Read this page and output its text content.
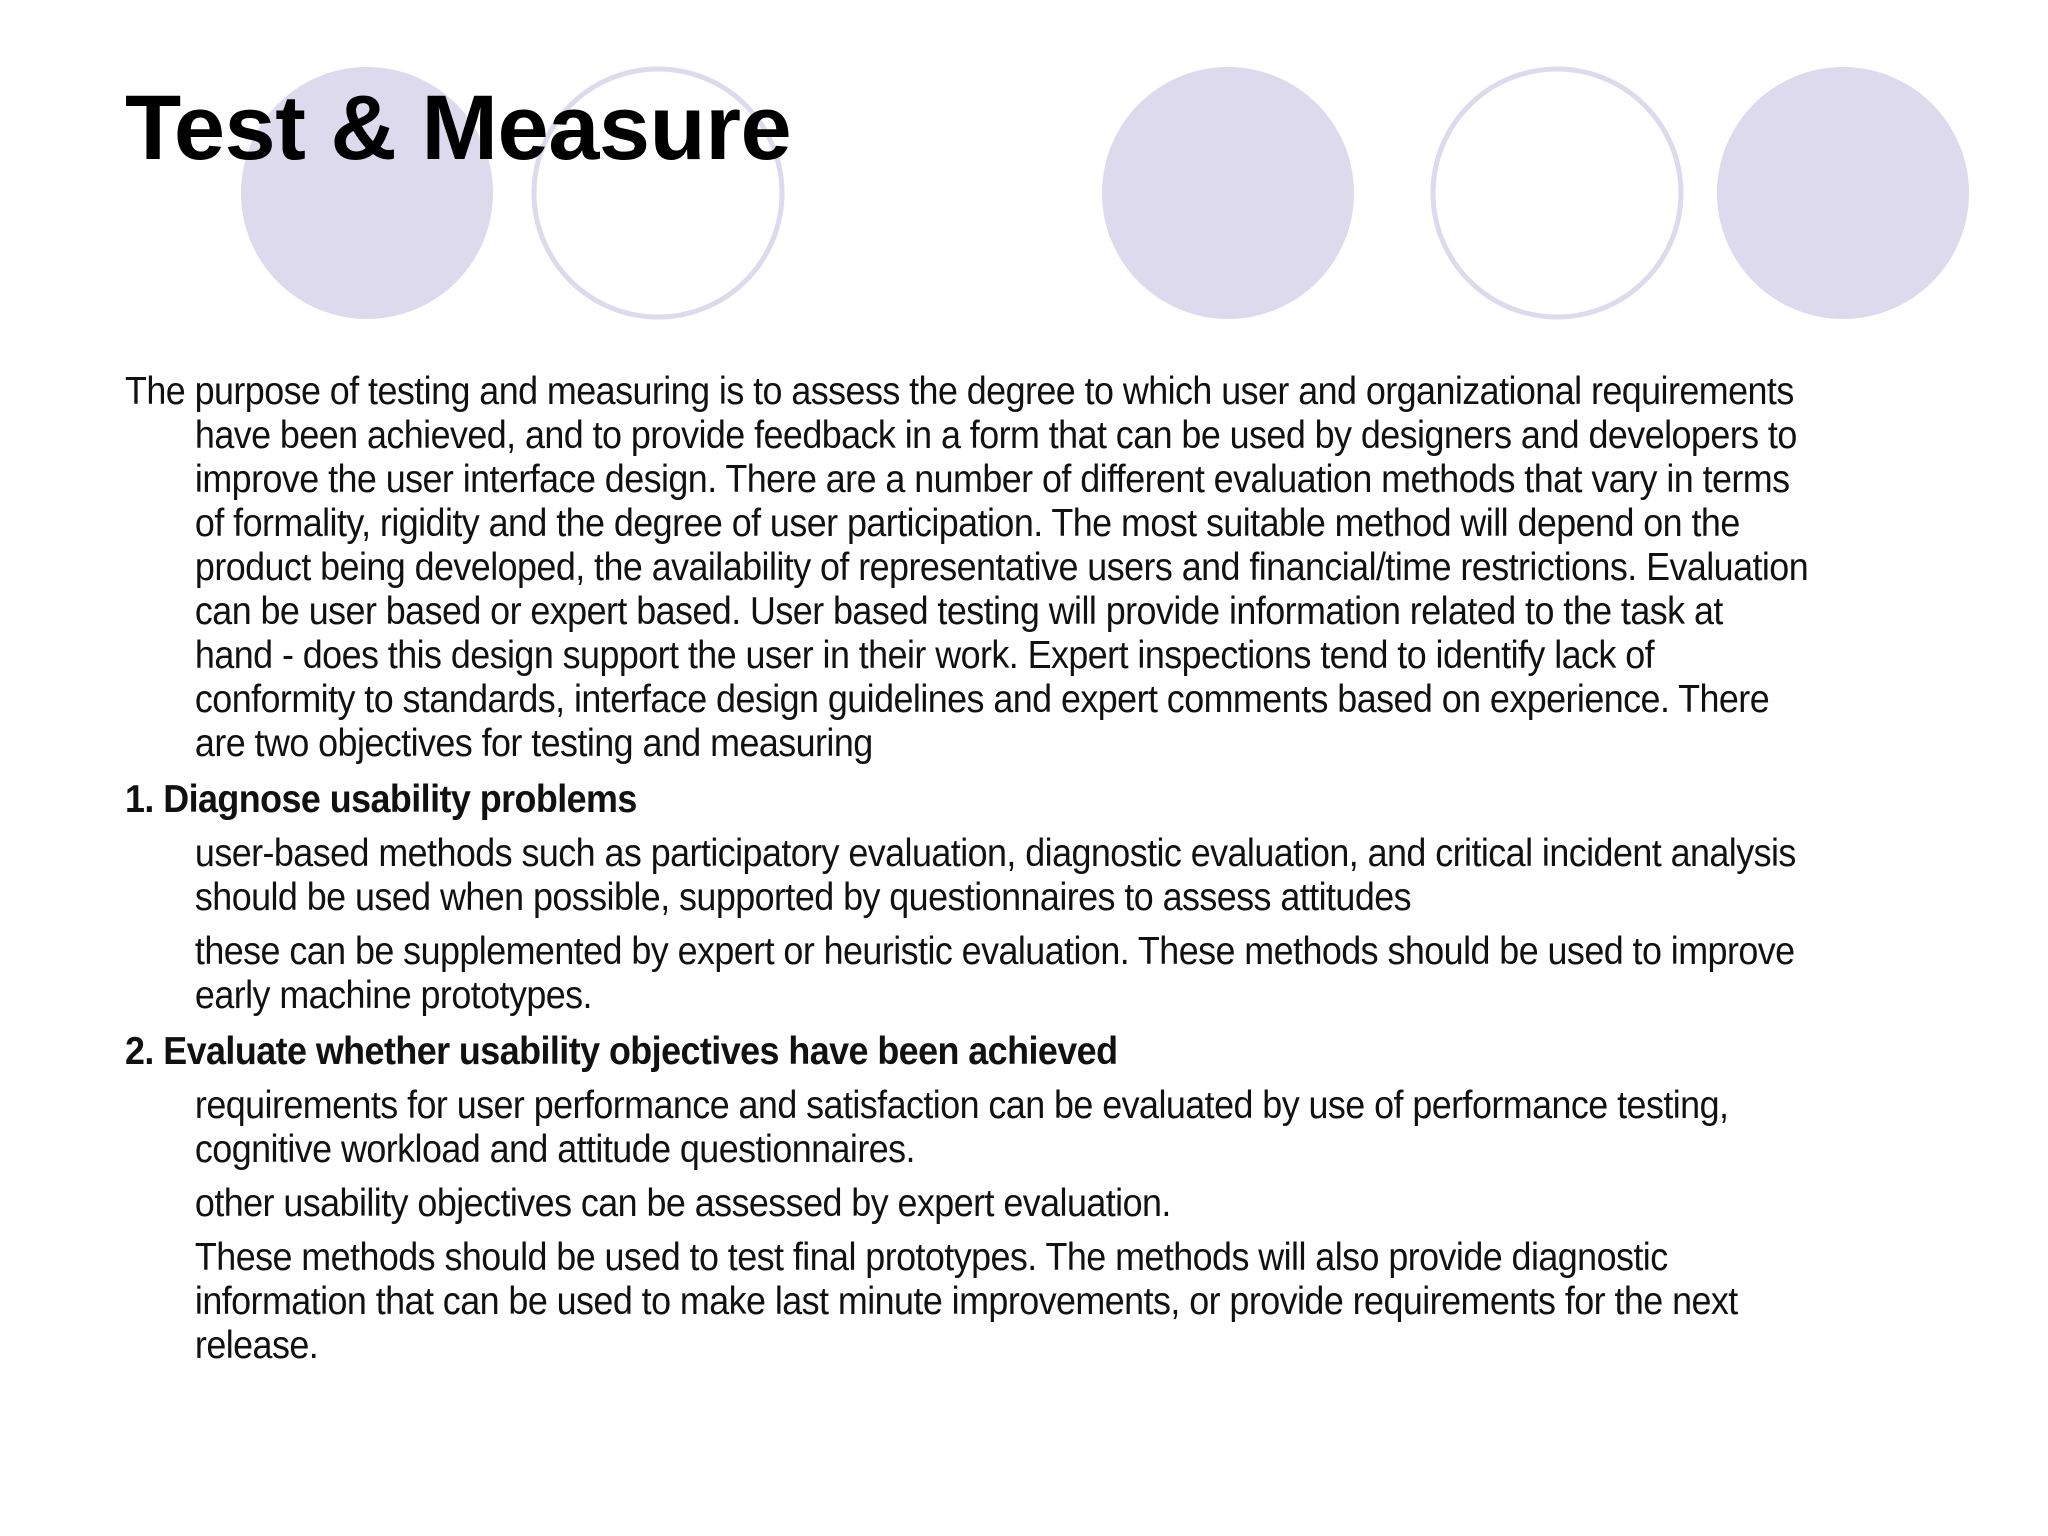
Test & Measure

The purpose of testing and measuring is to assess the degree to which user and organizational requirements have been achieved, and to provide feedback in a form that can be used by designers and developers to improve the user interface design. There are a number of different evaluation methods that vary in terms of formality, rigidity and the degree of user participation. The most suitable method will depend on the product being developed, the availability of representative users and financial/time restrictions. Evaluation can be user based or expert based. User based testing will provide information related to the task at hand - does this design support the user in their work. Expert inspections tend to identify lack of conformity to standards, interface design guidelines and expert comments based on experience. There are two objectives for testing and measuring

1. Diagnose usability problems

user-based methods such as participatory evaluation, diagnostic evaluation, and critical incident analysis should be used when possible, supported by questionnaires to assess attitudes

these can be supplemented by expert or heuristic evaluation. These methods should be used to improve early machine prototypes.

2. Evaluate whether usability objectives have been achieved

requirements for user performance and satisfaction can be evaluated by use of performance testing, cognitive workload and attitude questionnaires.

other usability objectives can be assessed by expert evaluation.

These methods should be used to test final prototypes. The methods will also provide diagnostic information that can be used to make last minute improvements, or provide requirements for the next release.
